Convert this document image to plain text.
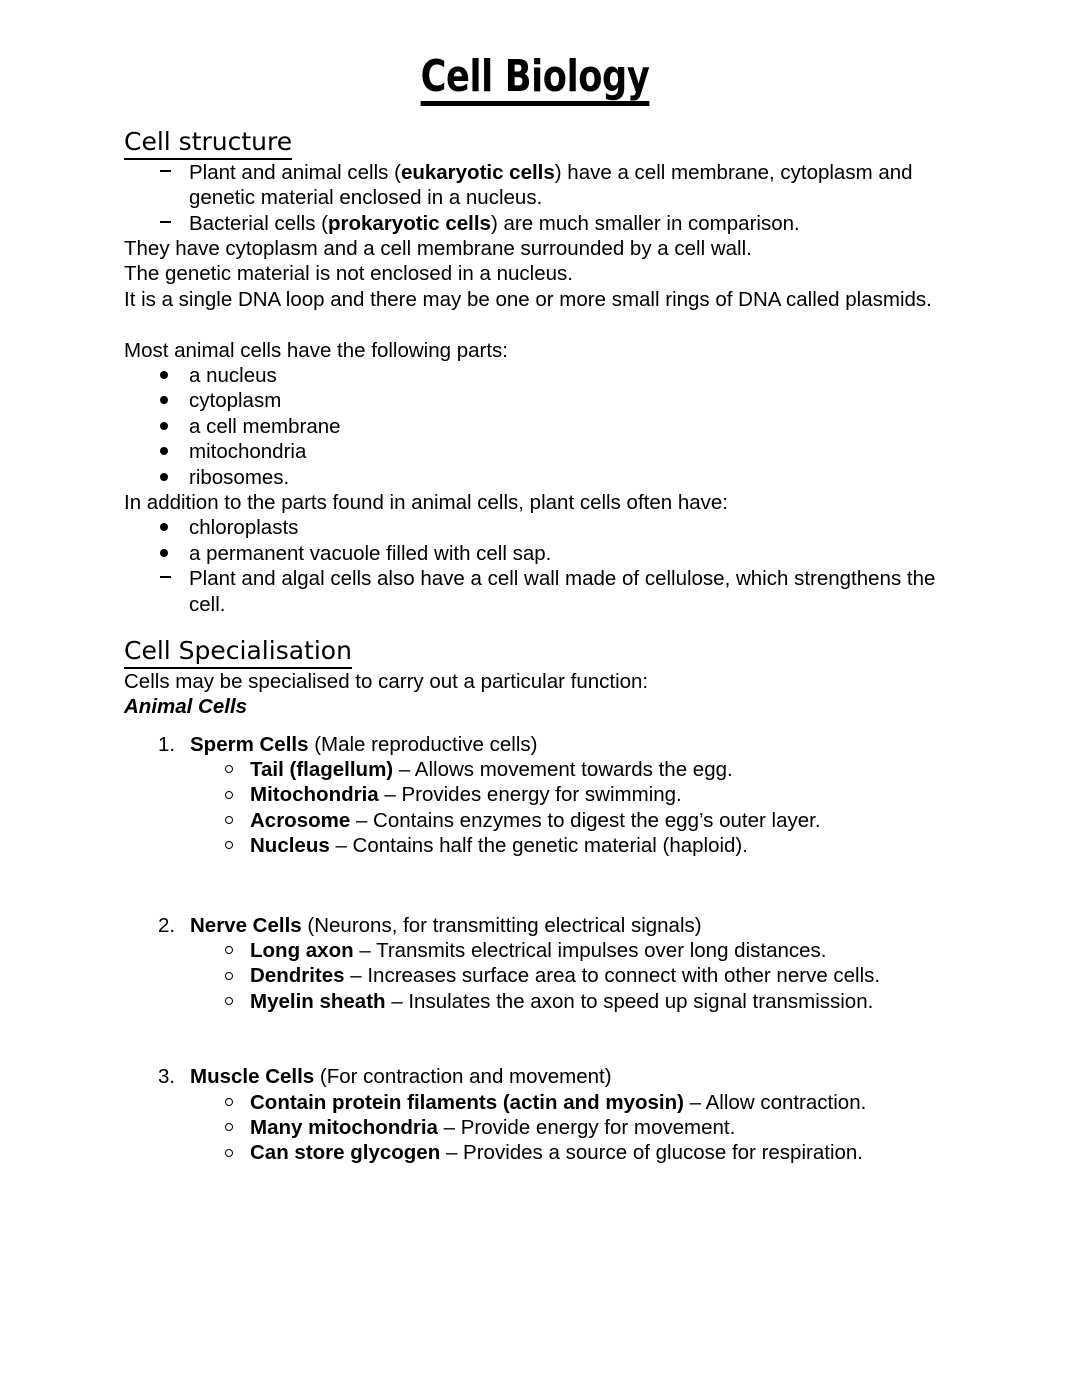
Cell Biology
Cell structure
Plant and animal cells (eukaryotic cells) have a cell membrane, cytoplasm and genetic material enclosed in a nucleus.
Bacterial cells (prokaryotic cells) are much smaller in comparison.

They have cytoplasm and a cell membrane surrounded by a cell wall.

The genetic material is not enclosed in a nucleus.

It is a single DNA loop and there may be one or more small rings of DNA called plasmids.

Most animal cells have the following parts:

a nucleus
cytoplasm
a cell membrane
mitochondria
ribosomes.

In addition to the parts found in animal cells, plant cells often have:

chloroplasts
a permanent vacuole filled with cell sap.
Plant and algal cells also have a cell wall made of cellulose, which strengthens the cell.
Cell Specialisation

Cells may be specialised to carry out a particular function:

Animal Cells

1. Sperm Cells (Male reproductive cells)
Tail (flagellum) – Allows movement towards the egg.
Mitochondria – Provides energy for swimming.
Acrosome – Contains enzymes to digest the egg’s outer layer.
Nucleus – Contains half the genetic material (haploid).
2. Nerve Cells (Neurons, for transmitting electrical signals)
Long axon – Transmits electrical impulses over long distances.
Dendrites – Increases surface area to connect with other nerve cells.
Myelin sheath – Insulates the axon to speed up signal transmission.
3. Muscle Cells (For contraction and movement)
Contain protein filaments (actin and myosin) – Allow contraction.
Many mitochondria – Provide energy for movement.
Can store glycogen – Provides a source of glucose for respiration.
